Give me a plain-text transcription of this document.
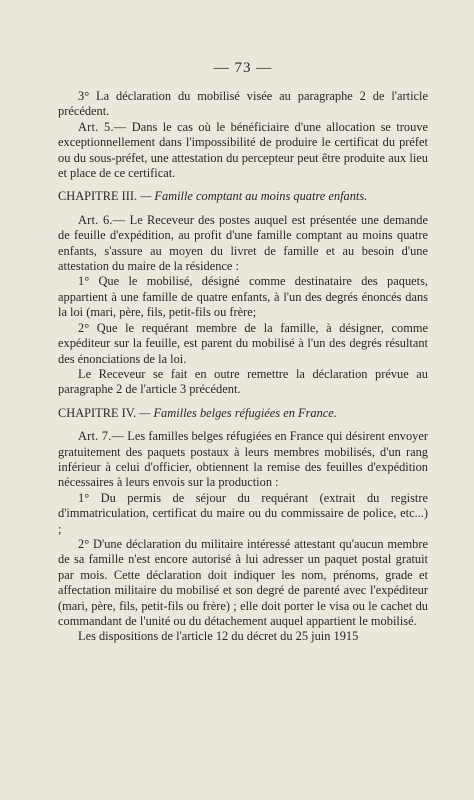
— 73 —

3° La déclaration du mobilisé visée au paragraphe 2 de l'article précédent.

Art. 5.— Dans le cas où le bénéficiaire d'une allocation se trouve exceptionnellement dans l'impossibilité de produire le certificat du préfet ou du sous-préfet, une attestation du percepteur peut être produite aux lieu et place de ce certificat.

CHAPITRE III. — Famille comptant au moins quatre enfants.

Art. 6.— Le Receveur des postes auquel est présentée une demande de feuille d'expédition, au profit d'une famille comptant au moins quatre enfants, s'assure au moyen du livret de famille et au besoin d'une attestation du maire de la résidence :

1° Que le mobilisé, désigné comme destinataire des paquets, appartient à une famille de quatre enfants, à l'un des degrés énoncés dans la loi (mari, père, fils, petit-fils ou frère;

2° Que le requérant membre de la famille, à désigner, comme expéditeur sur la feuille, est parent du mobilisé à l'un des degrés résultant des énonciations de la loi.

Le Receveur se fait en outre remettre la déclaration prévue au paragraphe 2 de l'article 3 précédent.

CHAPITRE IV. — Familles belges réfugiées en France.

Art. 7.— Les familles belges réfugiées en France qui désirent envoyer gratuitement des paquets postaux à leurs membres mobilisés, d'un rang inférieur à celui d'officier, obtiennent la remise des feuilles d'expédition nécessaires à leurs envois sur la production :

1° Du permis de séjour du requérant (extrait du registre d'immatriculation, certificat du maire ou du commissaire de police, etc...) ;

2° D'une déclaration du militaire intéressé attestant qu'aucun membre de sa famille n'est encore autorisé à lui adresser un paquet postal gratuit par mois. Cette déclaration doit indiquer les nom, prénoms, grade et affectation militaire du mobilisé et son degré de parenté avec l'expéditeur (mari, père, fils, petit-fils ou frère) ; elle doit porter le visa ou le cachet du commandant de l'unité ou du détachement auquel appartient le mobilisé.

Les dispositions de l'article 12 du décret du 25 juin 1915
